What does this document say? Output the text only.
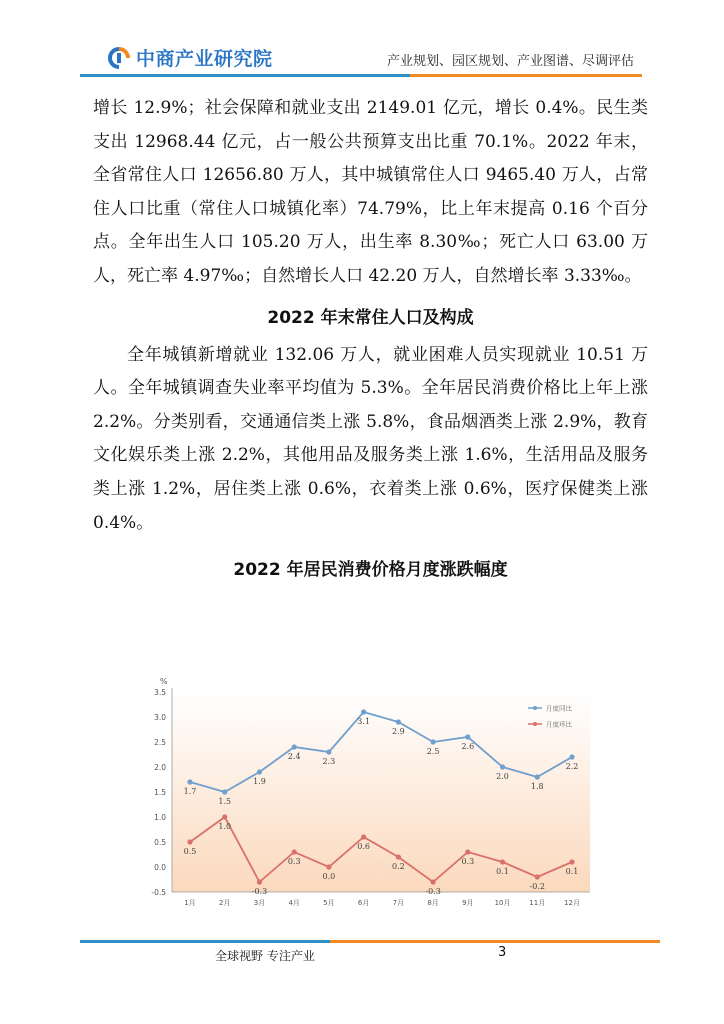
中商产业研究院	产业规划、园区规划、产业图谱、尽调评估

增长 12.9%；社会保障和就业支出 2149.01 亿元，增长 0.4%。民生类支出 12968.44 亿元，占一般公共预算支出比重 70.1%。2022 年末，全省常住人口 12656.80 万人，其中城镇常住人口 9465.40 万人，占常住人口比重（常住人口城镇化率）74.79%，比上年末提高 0.16 个百分点。全年出生人口 105.20 万人，出生率 8.30‰；死亡人口 63.00 万人，死亡率 4.97‰；自然增长人口 42.20 万人，自然增长率 3.33‰。

2022 年末常住人口及构成

全年城镇新增就业 132.06 万人，就业困难人员实现就业 10.51 万人。全年城镇调查失业率平均值为 5.3%。全年居民消费价格比上年上涨 2.2%。分类别看，交通通信类上涨 5.8%，食品烟酒类上涨 2.9%，教育文化娱乐类上涨 2.2%，其他用品及服务类上涨 1.6%，生活用品及服务类上涨 1.2%，居住类上涨 0.6%，衣着类上涨 0.6%，医疗保健类上涨 0.4%。

2022 年居民消费价格月度涨跌幅度
%
3.5
3.0
2.5
2.0
1.5
1.0
0.5
0.0
-0.5
1月	2月	3月	4月	5月	6月	7月	8月	9月	10月	11月	12月
1.7
1.5
1.9
2.4
2.3
3.1
2.9
2.5
2.6
2.0
1.8
2.2
0.5
1.0
-0.3
0.3
0.0
0.6
0.2
-0.3
0.3
0.1
-0.2
0.1
月度同比
月度环比
全球视野 专注产业	3
